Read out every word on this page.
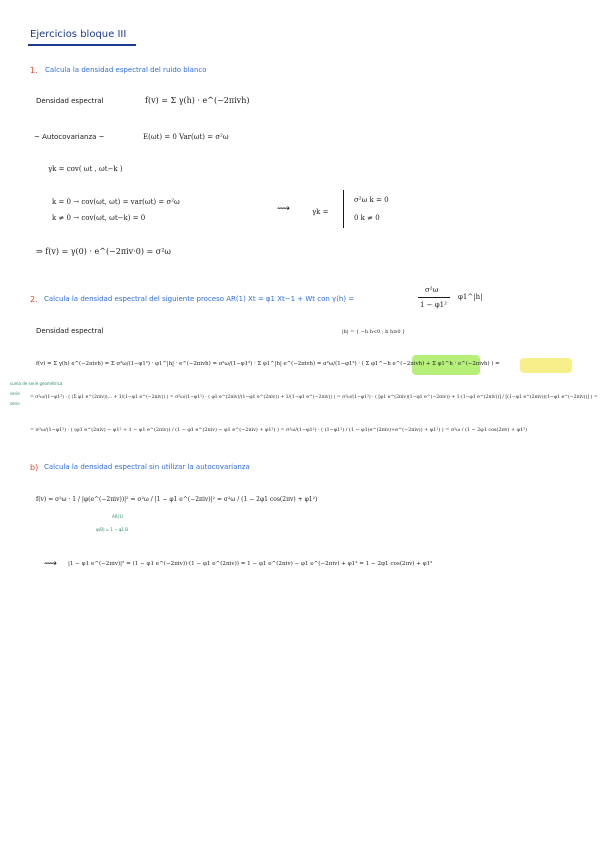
Ejercicios bloque III
1. Calcula la densidad espectral del ruido blanco
Densidad espectral	f(v) = Σ γ(h) · e^(−2πivh)
~ Autocovarianza ~	E(ωt) = 0 Var(ωt) = σ²ω
γk = cov( ωt , ωt−k )
k = 0 → cov(ωt, ωt) = var(ωt) = σ²ω
k ≠ 0 → cov(ωt, ωt−k) = 0
⟿	γk =
σ²ω k = 0
0 k ≠ 0
⇒ f(v) = γ(0) · e^(−2πiv·0) = σ²ω
2. Calcula la densidad espectral del siguiente proceso AR(1) Xt = φ1 Xt−1 + Wt con γ(h) =
σ²ω
1 − φ1²
φ1^|h|
Densidad espectral	|h| = { −h h<0 ; h h≥0 }
f(v) = Σ γ(h) e^(−2πivh) = Σ σ²ω/(1−φ1²) · φ1^|h| · e^(−2πivh) = σ²ω/(1−φ1²) · Σ φ1^|h| e^(−2πivh) = σ²ω/(1−φ1²) · ( Σ φ1^−h e^(−2πivh) + Σ φ1^h · e^(−2πivh) ) =
suma de serie geométrica
serie
serie
= σ²ω/(1−φ1²) · ( (Σ φ1 e^(2πiv))... + 1/(1−φ1 e^(−2πiv)) ) = σ²ω/(1−φ1²) · ( φ1 e^(2πiv)/(1−φ1 e^(2πiv)) + 1/(1−φ1 e^(−2πiv)) ) = σ²ω/(1−φ1²) · ( [φ1 e^(2πiv)(1−φ1 e^(−2πiv)) + 1·(1−φ1 e^(2πiv))] / [(1−φ1 e^(2πiv))(1−φ1 e^(−2πiv))] ) =
= σ²ω/(1−φ1²) · ( (φ1 e^(2πiv) − φ1² + 1 − φ1 e^(2πiv)) / (1 − φ1 e^(2πiv) − φ1 e^(−2πiv) + φ1²) ) = σ²ω/(1−φ1²) · ( (1−φ1²) / (1 − φ1(e^(2πiv)+e^(−2πiv)) + φ1²) ) = σ²ω / (1 − 2φ1 cos(2πv) + φ1²)
b) Calcula la densidad espectral sin utilizar la autocovarianza
f(v) = σ²ω · 1 / |φ(e^(−2πiv))|² = σ²ω / |1 − φ1 e^(−2πiv)|² = σ²ω / (1 − 2φ1 cos(2πv) + φ1²)
AR(1)
φ(B) = 1 − φ1 B
⟿ |1 − φ1 e^(−2πiv)|² = (1 − φ1 e^(−2πiv))·(1 − φ1 e^(2πiv)) = 1 − φ1 e^(2πiv) − φ1 e^(−2πiv) + φ1² = 1 − 2φ1 cos(2πv) + φ1²
